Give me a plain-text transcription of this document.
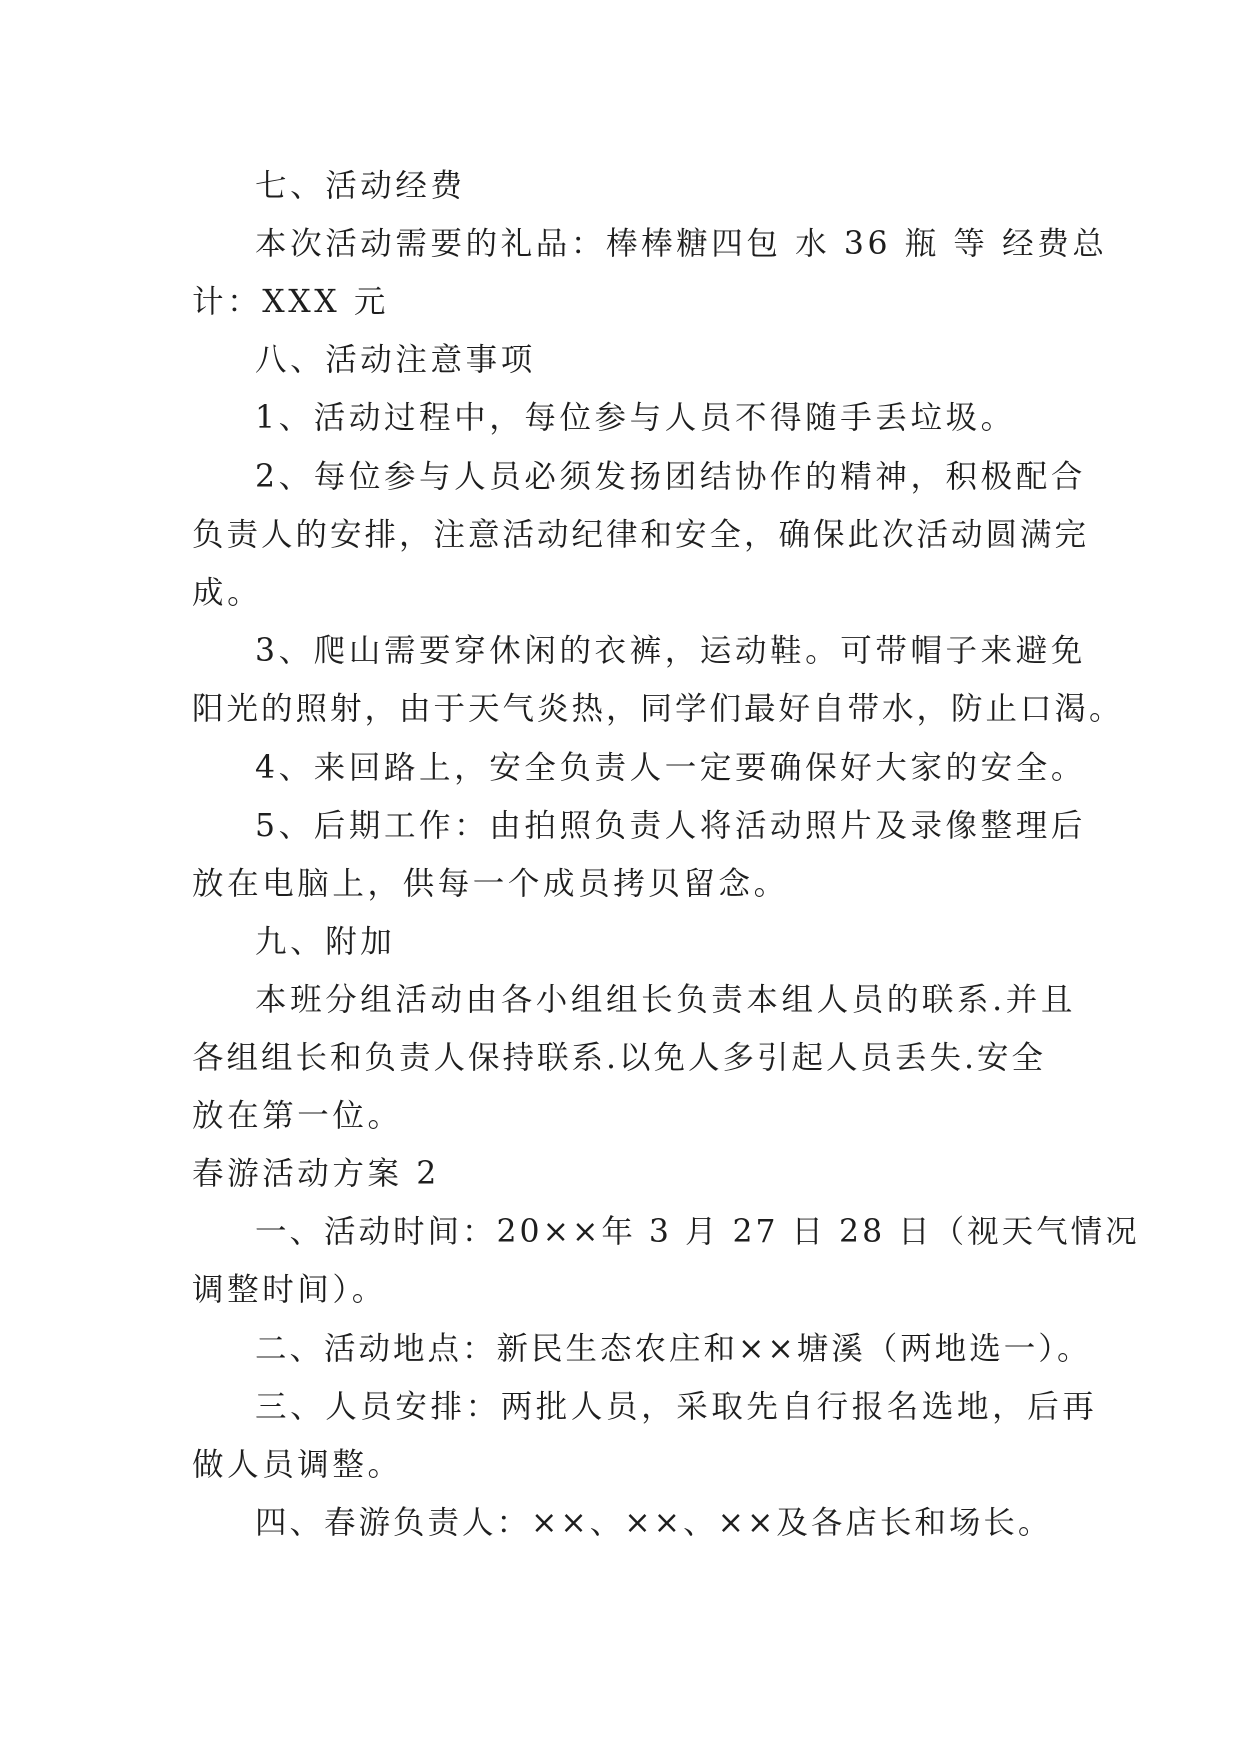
七、活动经费
本次活动需要的礼品：棒棒糖四包 水 36 瓶 等 经费总
计：XXX 元
八、活动注意事项
1、活动过程中，每位参与人员不得随手丢垃圾。
2、每位参与人员必须发扬团结协作的精神，积极配合
负责人的安排，注意活动纪律和安全，确保此次活动圆满完
成。
3、爬山需要穿休闲的衣裤，运动鞋。可带帽子来避免
阳光的照射，由于天气炎热，同学们最好自带水，防止口渴。
4、来回路上，安全负责人一定要确保好大家的安全。
5、后期工作：由拍照负责人将活动照片及录像整理后
放在电脑上，供每一个成员拷贝留念。
九、附加
本班分组活动由各小组组长负责本组人员的联系.并且
各组组长和负责人保持联系.以免人多引起人员丢失.安全
放在第一位。
春游活动方案 2
一、活动时间：20××年 3 月 27 日 28 日（视天气情况
调整时间）。
二、活动地点：新民生态农庄和××塘溪（两地选一）。
三、人员安排：两批人员，采取先自行报名选地，后再
做人员调整。
四、春游负责人：××、××、××及各店长和场长。
